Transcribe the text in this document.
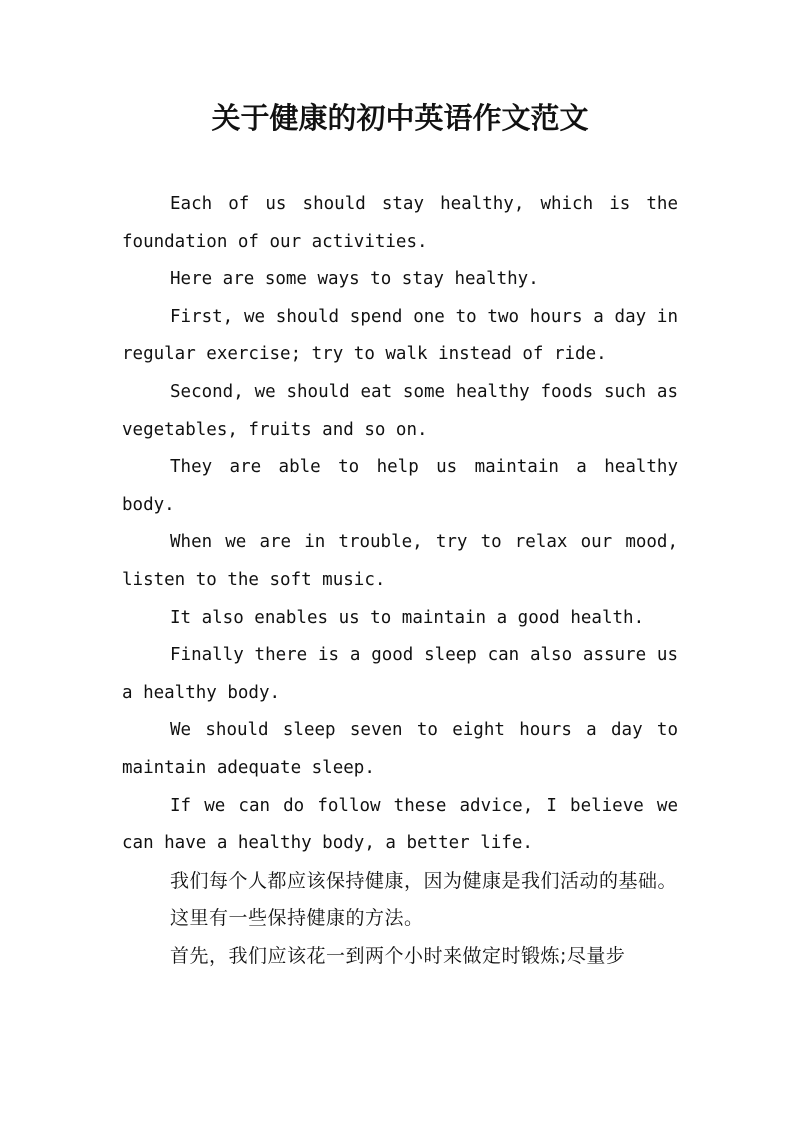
关于健康的初中英语作文范文

Each of us should stay healthy, which is the foundation of our activities.

Here are some ways to stay healthy.

First, we should spend one to two hours a day in regular exercise; try to walk instead of ride.

Second, we should eat some healthy foods such as vegetables, fruits and so on.

They are able to help us maintain a healthy body.

When we are in trouble, try to relax our mood, listen to the soft music.

It also enables us to maintain a good health.

Finally there is a good sleep can also assure us a healthy body.

We should sleep seven to eight hours a day to maintain adequate sleep.

If we can do follow these advice, I believe we can have a healthy body, a better life.

我们每个人都应该保持健康，因为健康是我们活动的基础。

这里有一些保持健康的方法。

首先，我们应该花一到两个小时来做定时锻炼;尽量步
